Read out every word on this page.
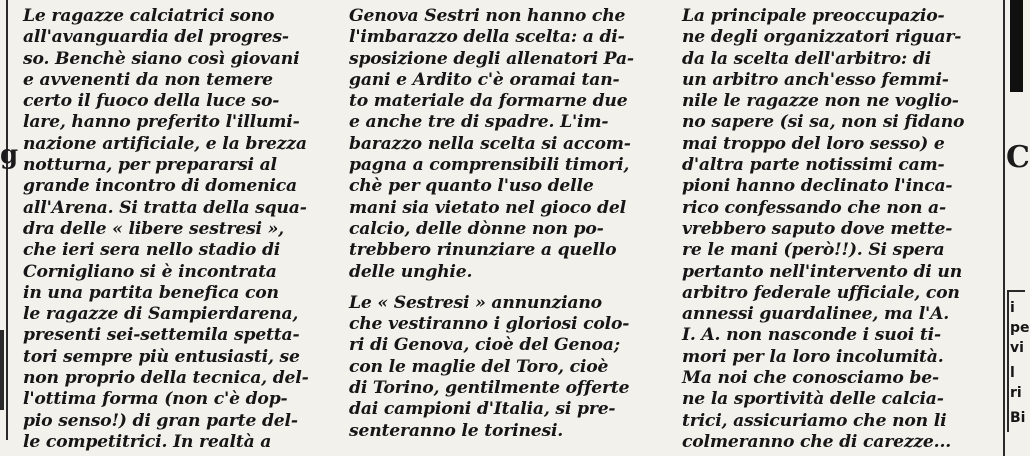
g	C
i
pe
vi
l
ri
Bi
Le ragazze calciatrici sono
all'avanguardia del progres-
so. Benchè siano così giovani
e avvenenti da non temere
certo il fuoco della luce so-
lare, hanno preferito l'illumi-
nazione artificiale, e la brezza
notturna, per prepararsi al
grande incontro di domenica
all'Arena. Si tratta della squa-
dra delle « libere sestresi »,
che ieri sera nello stadio di
Cornigliano si è incontrata
in una partita benefica con
le ragazze di Sampierdarena,
presenti sei-settemila spetta-
tori sempre più entusiasti, se
non proprio della tecnica, del-
l'ottima forma (non c'è dop-
pio senso!) di gran parte del-
le competitrici. In realtà a
Genova Sestri non hanno che
l'imbarazzo della scelta: a di-
sposizione degli allenatori Pa-
gani e Ardito c'è oramai tan-
to materiale da formarne due
e anche tre di spadre. L'im-
barazzo nella scelta si accom-
pagna a comprensibili timori,
chè per quanto l'uso delle
mani sia vietato nel gioco del
calcio, delle dònne non po-
trebbero rinunziare a quello
delle unghie.
Le « Sestresi » annunziano
che vestiranno i gloriosi colo-
ri di Genova, cioè del Genoa;
con le maglie del Toro, cioè
di Torino, gentilmente offerte
dai campioni d'Italia, si pre-
senteranno le torinesi.
La principale preoccupazio-
ne degli organizzatori riguar-
da la scelta dell'arbitro: di
un arbitro anch'esso femmi-
nile le ragazze non ne voglio-
no sapere (si sa, non si fidano
mai troppo del loro sesso) e
d'altra parte notissimi cam-
pioni hanno declinato l'inca-
rico confessando che non a-
vrebbero saputo dove mette-
re le mani (però!!). Si spera
pertanto nell'intervento di un
arbitro federale ufficiale, con
annessi guardalinee, ma l'A.
I. A. non nasconde i suoi ti-
mori per la loro incolumità.
Ma noi che conosciamo be-
ne la sportività delle calcia-
trici, assicuriamo che non li
colmeranno che di carezze...
